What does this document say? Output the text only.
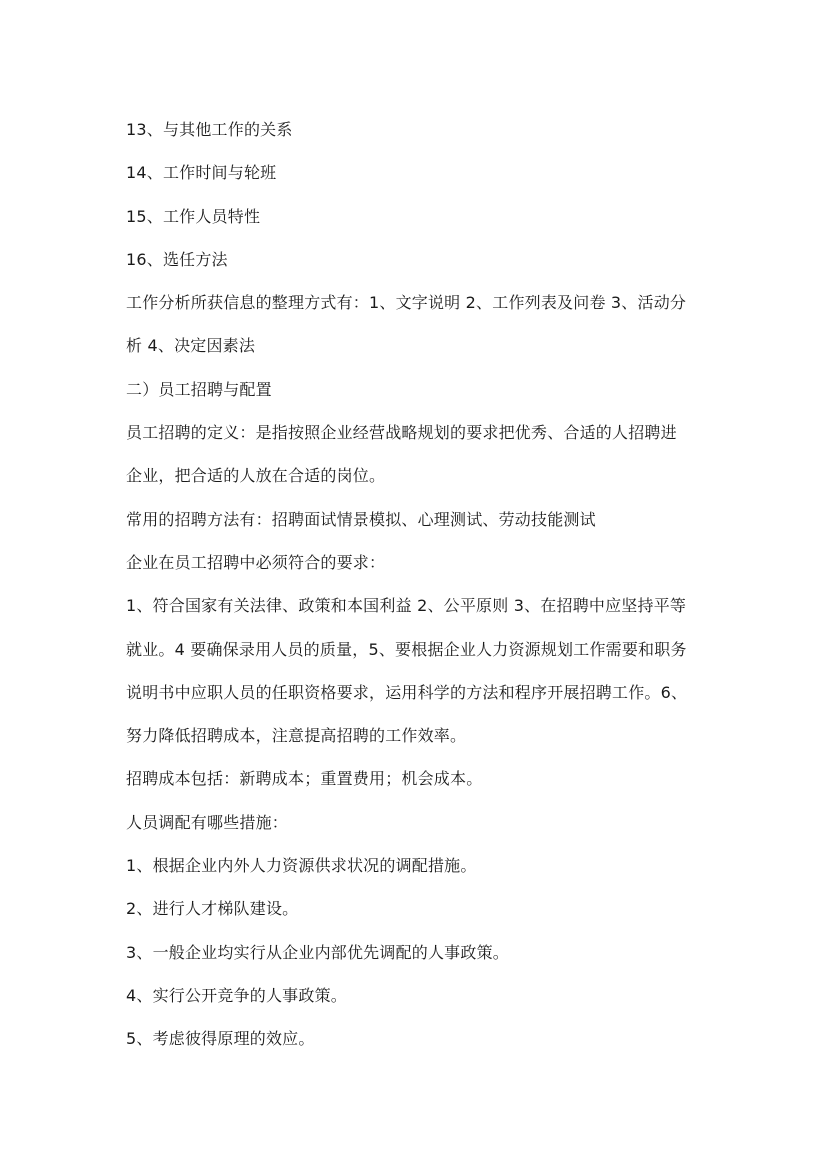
13、与其他工作的关系
14、工作时间与轮班
15、工作人员特性
16、选任方法
工作分析所获信息的整理方式有：1、文字说明 2、工作列表及问卷 3、活动分
析 4、决定因素法
二）员工招聘与配置
员工招聘的定义：是指按照企业经营战略规划的要求把优秀、合适的人招聘进
企业，把合适的人放在合适的岗位。
常用的招聘方法有：招聘面试情景模拟、心理测试、劳动技能测试
企业在员工招聘中必须符合的要求：
1、符合国家有关法律、政策和本国利益 2、公平原则 3、在招聘中应坚持平等
就业。4 要确保录用人员的质量，5、要根据企业人力资源规划工作需要和职务
说明书中应职人员的任职资格要求，运用科学的方法和程序开展招聘工作。6、
努力降低招聘成本，注意提高招聘的工作效率。
招聘成本包括：新聘成本；重置费用；机会成本。
人员调配有哪些措施：
1、根据企业内外人力资源供求状况的调配措施。
2、进行人才梯队建设。
3、一般企业均实行从企业内部优先调配的人事政策。
4、实行公开竞争的人事政策。
5、考虑彼得原理的效应。
